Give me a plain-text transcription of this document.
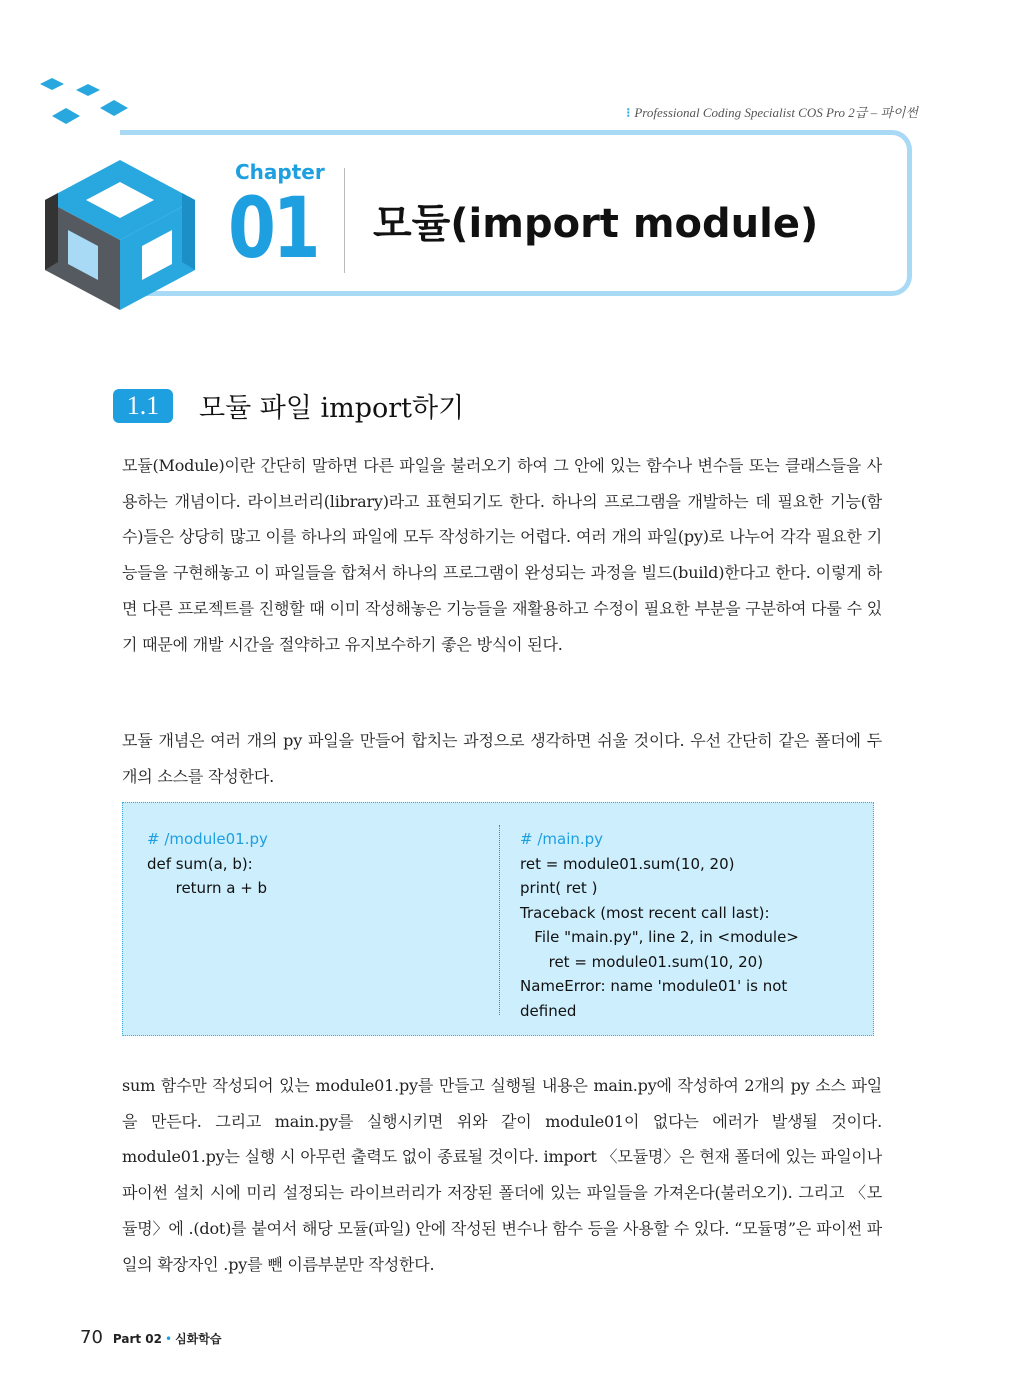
⁝ Professional Coding Specialist COS Pro 2급 – 파이썬
Chapter
01 모듈(import module)
1.1	모듈 파일 import하기
모듈(Module)이란 간단히 말하면 다른 파일을 불러오기 하여 그 안에 있는 함수나 변수들 또는 클래스들을 사용하는 개념이다. 라이브러리(library)라고 표현되기도 한다. 하나의 프로그램을 개발하는 데 필요한 기능(함수)들은 상당히 많고 이를 하나의 파일에 모두 작성하기는 어렵다. 여러 개의 파일(py)로 나누어 각각 필요한 기능들을 구현해놓고 이 파일들을 합쳐서 하나의 프로그램이 완성되는 과정을 빌드(build)한다고 한다. 이렇게 하면 다른 프로젝트를 진행할 때 이미 작성해놓은 기능들을 재활용하고 수정이 필요한 부분을 구분하여 다룰 수 있기 때문에 개발 시간을 절약하고 유지보수하기 좋은 방식이 된다.
모듈 개념은 여러 개의 py 파일을 만들어 합치는 과정으로 생각하면 쉬울 것이다. 우선 간단히 같은 폴더에 두 개의 소스를 작성한다.
# /module01.py
def sum(a, b):
return a + b
# /main.py
ret = module01.sum(10, 20)
print( ret )
Traceback (most recent call last):
File "main.py", line 2, in <module>
ret = module01.sum(10, 20)
NameError: name 'module01' is not
defined
sum 함수만 작성되어 있는 module01.py를 만들고 실행될 내용은 main.py에 작성하여 2개의 py 소스 파일을 만든다. 그리고 main.py를 실행시키면 위와 같이 module01이 없다는 에러가 발생될 것이다. module01.py는 실행 시 아무런 출력도 없이 종료될 것이다. import 〈모듈명〉은 현재 폴더에 있는 파일이나 파이썬 설치 시에 미리 설정되는 라이브러리가 저장된 폴더에 있는 파일들을 가져온다(불러오기). 그리고 〈모듈명〉에 .(dot)를 붙여서 해당 모듈(파일) 안에 작성된 변수나 함수 등을 사용할 수 있다. “모듈명”은 파이썬 파일의 확장자인 .py를 뺀 이름부분만 작성한다.
70 Part 02 • 심화학습
